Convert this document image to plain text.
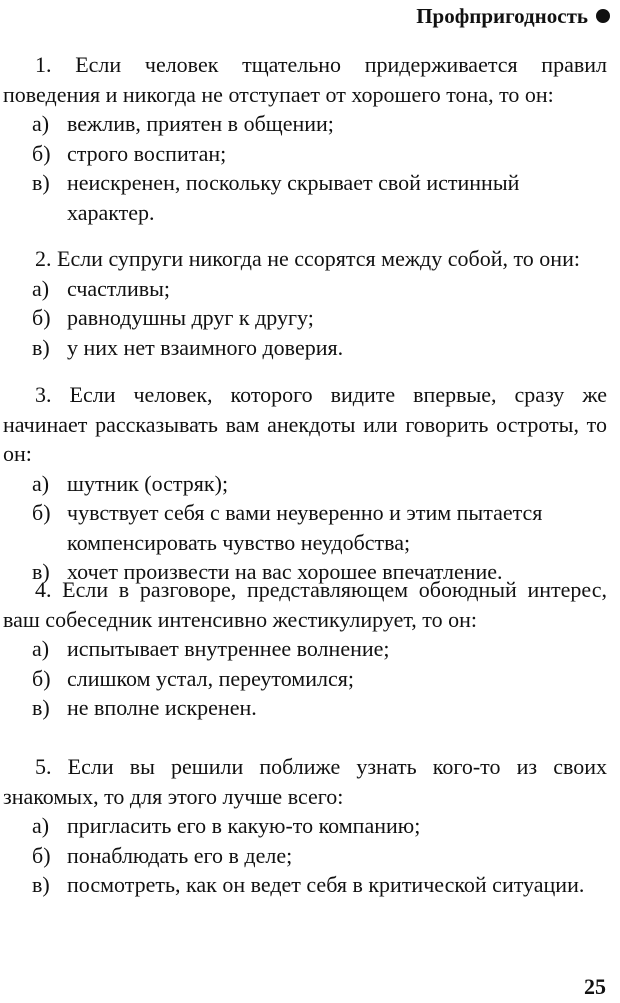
Профпригодность

1. Если человек тщательно придерживается правил поведения и никогда не отступает от хорошего тона, то он:

а) вежлив, приятен в общении;
б) строго воспитан;
в) неискренен, поскольку скрывает свой истинный характер.

2. Если супруги никогда не ссорятся между собой, то они:

а) счастливы;
б) равнодушны друг к другу;
в) у них нет взаимного доверия.

3. Если человек, которого видите впервые, сразу же начинает рассказывать вам анекдоты или говорить остроты, то он:

а) шутник (остряк);
б) чувствует себя с вами неуверенно и этим пытается компенсировать чувство неудобства;
в) хочет произвести на вас хорошее впечатление.

4. Если в разговоре, представляющем обоюдный интерес, ваш собеседник интенсивно жестикулирует, то он:

а) испытывает внутреннее волнение;
б) слишком устал, переутомился;
в) не вполне искренен.

5. Если вы решили поближе узнать кого-то из своих знакомых, то для этого лучше всего:

а) пригласить его в какую-то компанию;
б) понаблюдать его в деле;
в) посмотреть, как он ведет себя в критической ситуации.
25
